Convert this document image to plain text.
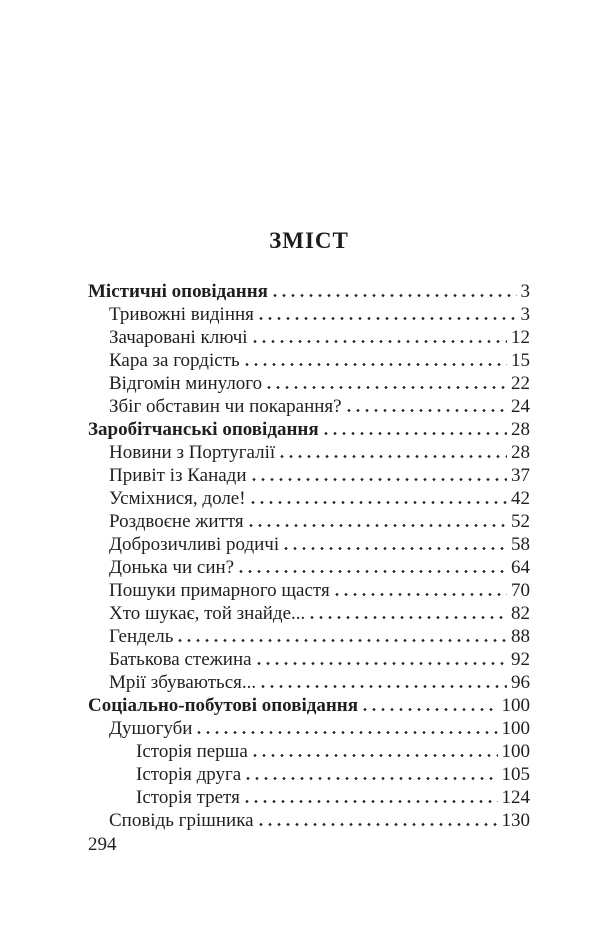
ЗМІСТ
Містичні оповідання	3
Тривожні видіння	3
Зачаровані ключі	12
Кара за гордість	15
Відгомін минулого	22
Збіг обставин чи покарання?	24
Заробітчанські оповідання	28
Новини з Португалії	28
Привіт із Канади	37
Усміхнися, доле!	42
Роздвоєне життя	52
Доброзичливі родичі	58
Донька чи син?	64
Пошуки примарного щастя	70
Хто шукає, той знайде...	82
Гендель	88
Батькова стежина	92
Мрії збуваються...	96
Соціально-побутові оповідання	100
Душогуби	100
Історія перша	100
Історія друга	105
Історія третя	124
Сповідь грішника	130
294
